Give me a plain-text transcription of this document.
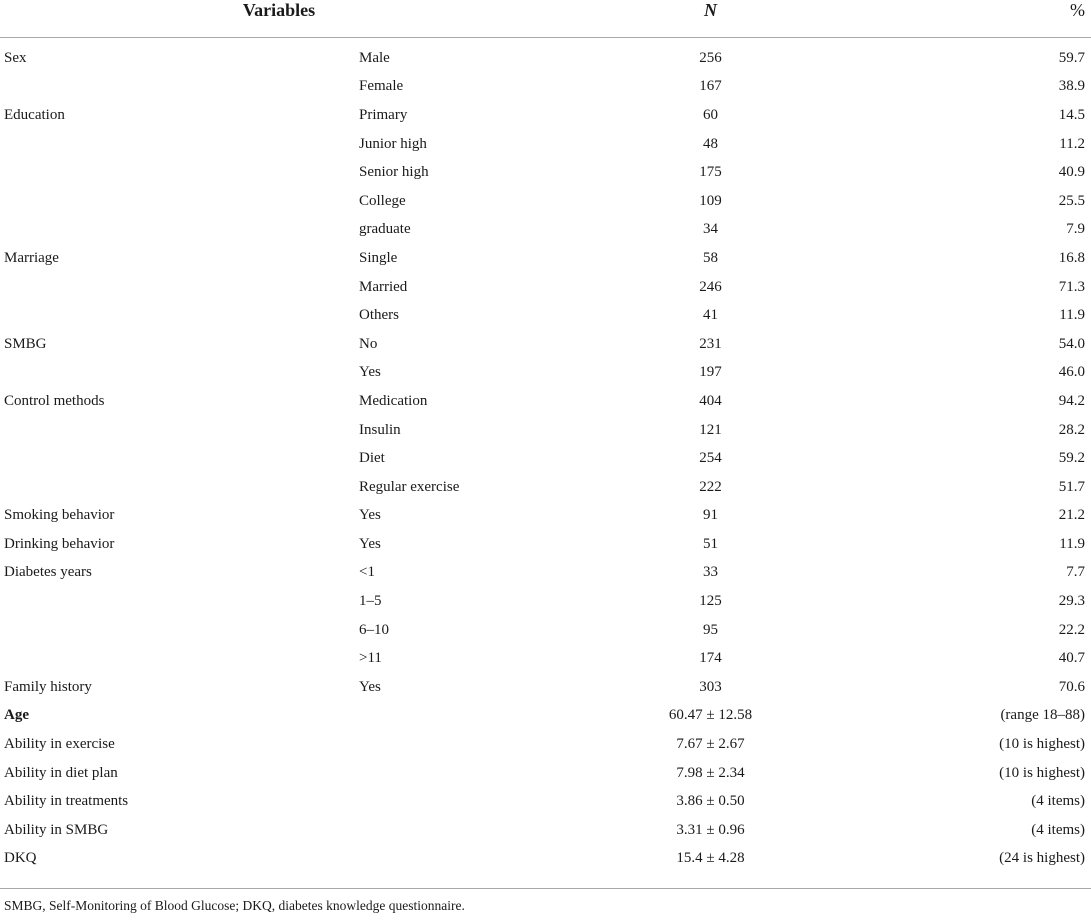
Variables		N	%
Sex	Male	256	59.7
	Female	167	38.9
Education	Primary	60	14.5
	Junior high	48	11.2
	Senior high	175	40.9
	College	109	25.5
	graduate	34	7.9
Marriage	Single	58	16.8
	Married	246	71.3
	Others	41	11.9
SMBG	No	231	54.0
	Yes	197	46.0
Control methods	Medication	404	94.2
	Insulin	121	28.2
	Diet	254	59.2
	Regular exercise	222	51.7
Smoking behavior	Yes	91	21.2
Drinking behavior	Yes	51	11.9
Diabetes years	<1	33	7.7
	1–5	125	29.3
	6–10	95	22.2
	>11	174	40.7
Family history	Yes	303	70.6
Age		60.47 ± 12.58	(range 18–88)
Ability in exercise		7.67 ± 2.67	(10 is highest)
Ability in diet plan		7.98 ± 2.34	(10 is highest)
Ability in treatments		3.86 ± 0.50	(4 items)
Ability in SMBG		3.31 ± 0.96	(4 items)
DKQ		15.4 ± 4.28	(24 is highest)
SMBG, Self-Monitoring of Blood Glucose; DKQ, diabetes knowledge questionnaire.
